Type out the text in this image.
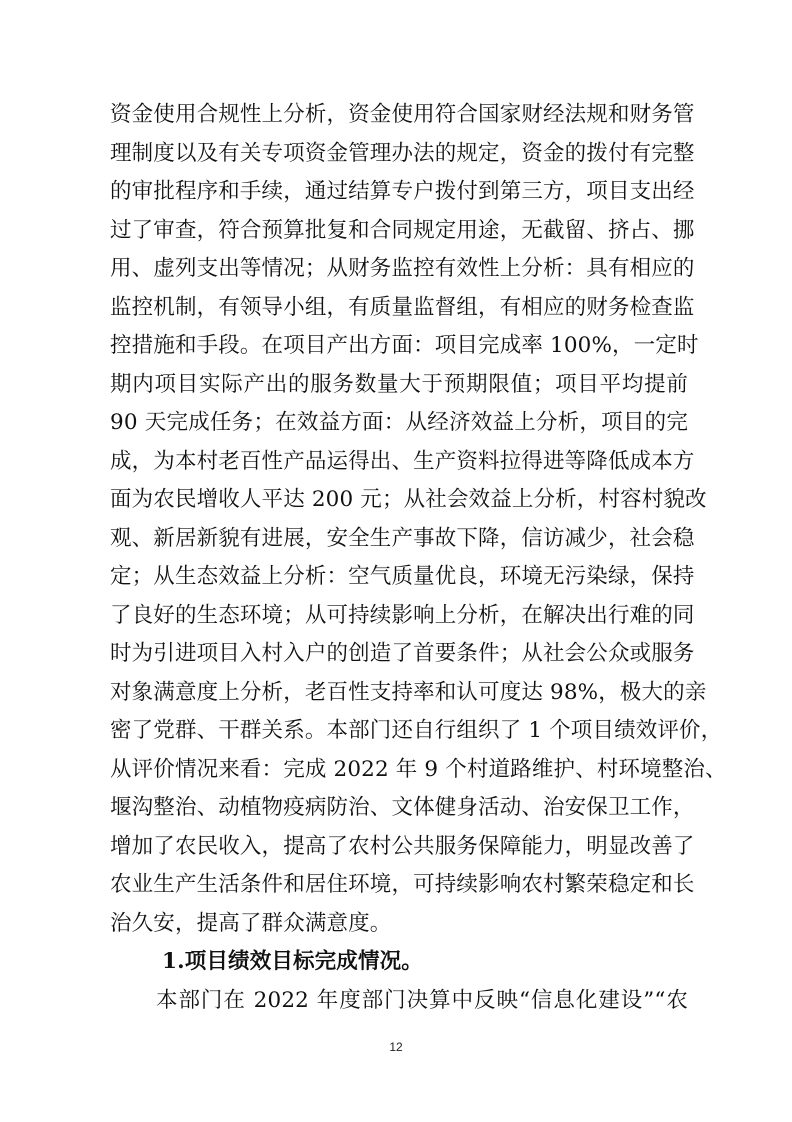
资金使用合规性上分析，资金使用符合国家财经法规和财务管
理制度以及有关专项资金管理办法的规定，资金的拨付有完整
的审批程序和手续，通过结算专户拨付到第三方，项目支出经
过了审查，符合预算批复和合同规定用途，无截留、挤占、挪
用、虚列支出等情况；从财务监控有效性上分析：具有相应的
监控机制，有领导小组，有质量监督组，有相应的财务检查监
控措施和手段。在项目产出方面：项目完成率 100%，一定时
期内项目实际产出的服务数量大于预期限值；项目平均提前
90 天完成任务；在效益方面：从经济效益上分析，项目的完
成，为本村老百性产品运得出、生产资料拉得进等降低成本方
面为农民增收人平达 200 元；从社会效益上分析，村容村貌改
观、新居新貌有进展，安全生产事故下降，信访减少，社会稳
定；从生态效益上分析：空气质量优良，环境无污染绿，保持
了良好的生态环境；从可持续影响上分析，在解决出行难的同
时为引进项目入村入户的创造了首要条件；从社会公众或服务
对象满意度上分析，老百性支持率和认可度达 98%，极大的亲
密了党群、干群关系。本部门还自行组织了 1 个项目绩效评价，
从评价情况来看：完成 2022 年 9 个村道路维护、村环境整治、
堰沟整治、动植物疫病防治、文体健身活动、治安保卫工作，
增加了农民收入，提高了农村公共服务保障能力，明显改善了
农业生产生活条件和居住环境，可持续影响农村繁荣稳定和长
治久安，提高了群众满意度。
1.项目绩效目标完成情况。
本部门在 2022 年度部门决算中反映“信息化建设”“农
12
